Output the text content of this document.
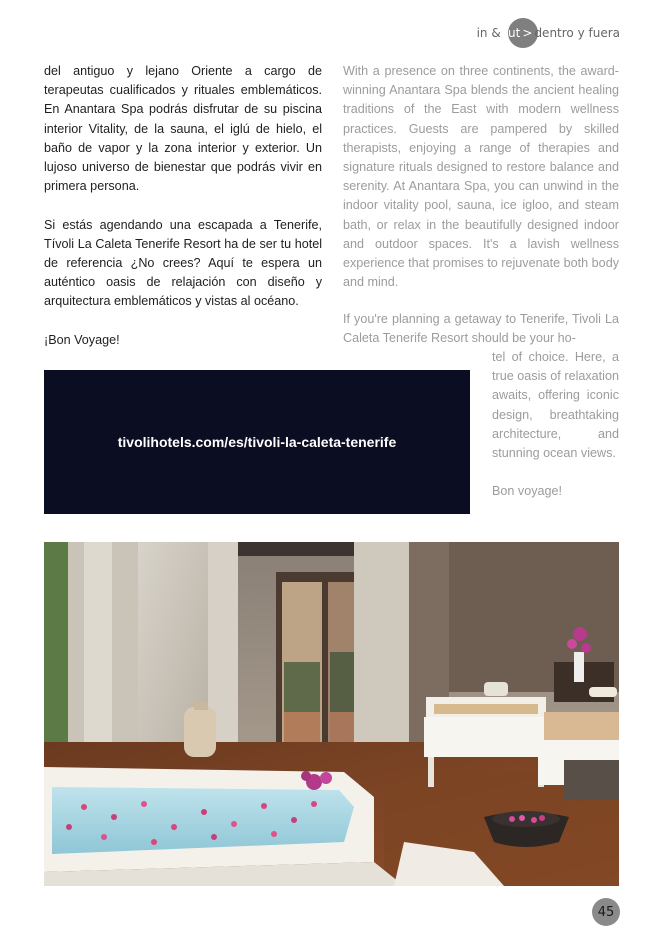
in & out > dentro y fuera

del antiguo y lejano Oriente a cargo de terapeutas cualificados y rituales emblemáticos. En Anantara Spa podrás disfrutar de su piscina interior Vitality, de la sauna, el iglú de hielo, el baño de vapor y la zona interior y exterior. Un lujoso universo de bienestar que podrás vivir en primera persona.

Si estás agendando una escapada a Tenerife, Tívoli La Caleta Tenerife Resort ha de ser tu hotel de referencia ¿No crees? Aquí te espera un auténtico oasis de relajación con diseño y arquitectura emblemáticos y vistas al océano.

¡Bon Voyage!

With a presence on three continents, the award-winning Anantara Spa blends the ancient healing traditions of the East with modern wellness practices. Guests are pampered by skilled therapists, enjoying a range of therapies and signature rituals designed to restore balance and serenity. At Anantara Spa, you can unwind in the indoor vitality pool, sauna, ice igloo, and steam bath, or relax in the beautifully designed indoor and outdoor spaces. It's a lavish wellness experience that promises to rejuvenate both body and mind.

If you're planning a getaway to Tenerife, Tivoli La Caleta Tenerife Resort should be your ho-

tel of choice. Here, a true oasis of relaxation awaits, offering iconic design, breathtaking architecture, and stunning ocean views.

Bon voyage!

tivolihotels.com/es/tivoli-la-caleta-tenerife
45
